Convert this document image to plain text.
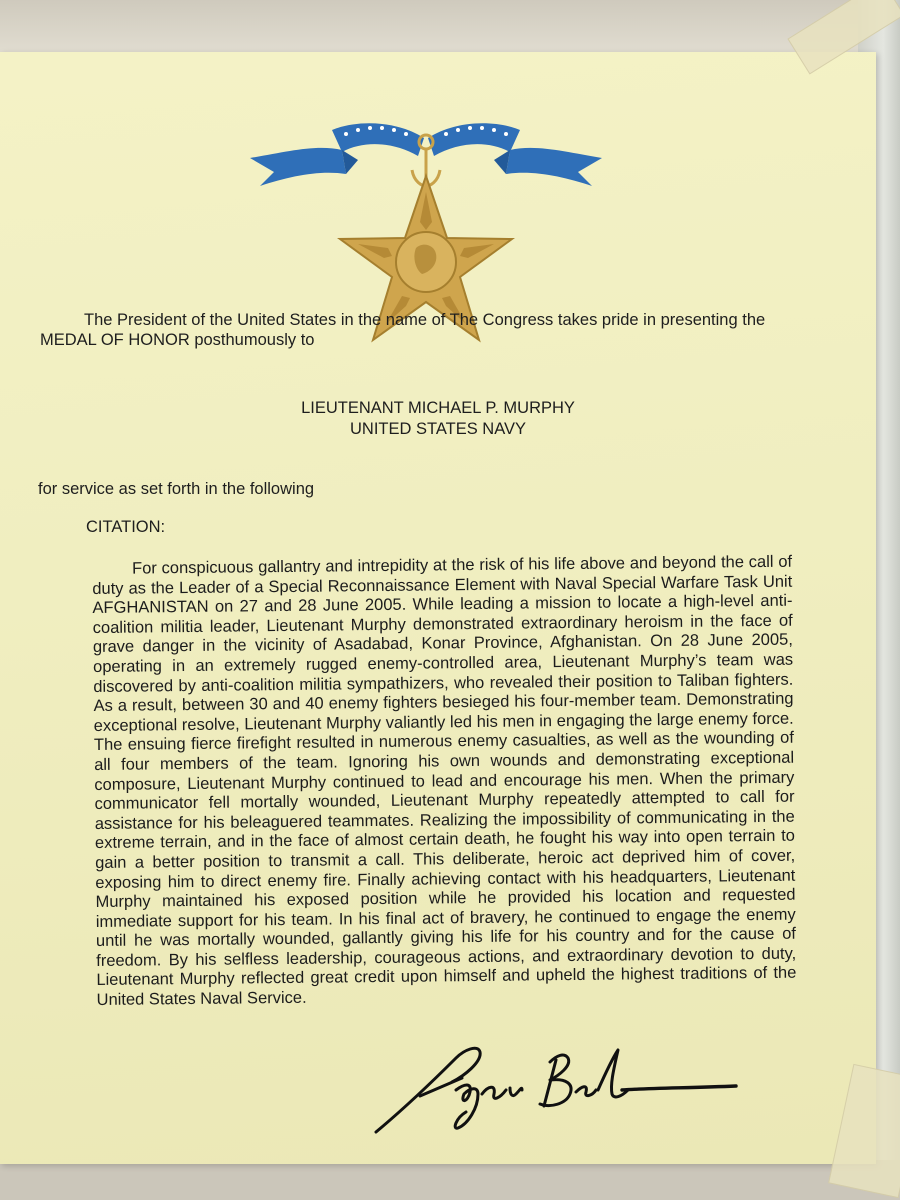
The President of the United States in the name of The Congress takes pride in presenting the
MEDAL OF HONOR posthumously to
LIEUTENANT MICHAEL P. MURPHY
UNITED STATES NAVY
for service as set forth in the following
CITATION:
For conspicuous gallantry and intrepidity at the risk of his life above and beyond the call of duty as the Leader of a Special Reconnaissance Element with Naval Special Warfare Task Unit AFGHANISTAN on 27 and 28 June 2005. While leading a mission to locate a high-level anti-coalition militia leader, Lieutenant Murphy demonstrated extraordinary heroism in the face of grave danger in the vicinity of Asadabad, Konar Province, Afghanistan. On 28 June 2005, operating in an extremely rugged enemy-controlled area, Lieutenant Murphy’s team was discovered by anti-coalition militia sympathizers, who revealed their position to Taliban fighters. As a result, between 30 and 40 enemy fighters besieged his four-member team. Demonstrating exceptional resolve, Lieutenant Murphy valiantly led his men in engaging the large enemy force. The ensuing fierce firefight resulted in numerous enemy casualties, as well as the wounding of all four members of the team. Ignoring his own wounds and demonstrating exceptional composure, Lieutenant Murphy continued to lead and encourage his men. When the primary communicator fell mortally wounded, Lieutenant Murphy repeatedly attempted to call for assistance for his beleaguered teammates. Realizing the impossibility of communicating in the extreme terrain, and in the face of almost certain death, he fought his way into open terrain to gain a better position to transmit a call. This deliberate, heroic act deprived him of cover, exposing him to direct enemy fire. Finally achieving contact with his headquarters, Lieutenant Murphy maintained his exposed position while he provided his location and requested immediate support for his team. In his final act of bravery, he continued to engage the enemy until he was mortally wounded, gallantly giving his life for his country and for the cause of freedom. By his selfless leadership, courageous actions, and extraordinary devotion to duty, Lieutenant Murphy reflected great credit upon himself and upheld the highest traditions of the United States Naval Service.
